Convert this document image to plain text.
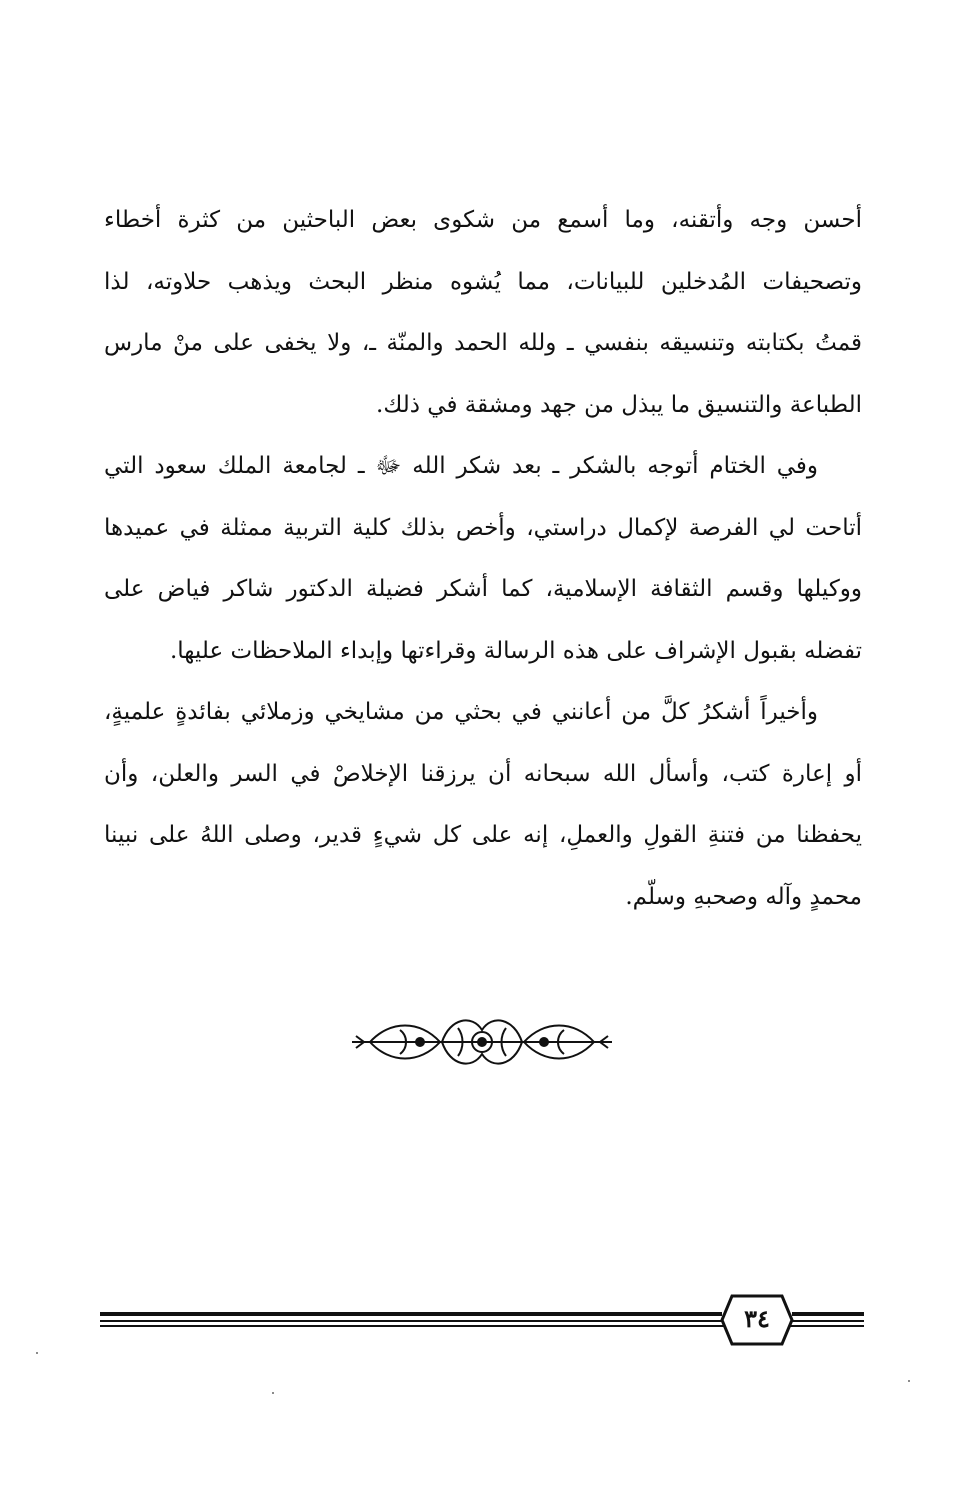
أحسن وجه وأتقنه، وما أسمع من شكوى بعض الباحثين من كثرة أخطاء
وتصحيفات المُدخلين للبيانات، مما يُشوه منظر البحث ويذهب حلاوته، لذا
قمتُ بكتابته وتنسيقه بنفسي ـ ولله الحمد والمنّة ـ، ولا يخفى على منْ مارس
الطباعة والتنسيق ما يبذل من جهد ومشقة في ذلك.
وفي الختام أتوجه بالشكر ـ بعد شكر الله ﷻ ـ لجامعة الملك سعود التي
أتاحت لي الفرصة لإكمال دراستي، وأخص بذلك كلية التربية ممثلة في عميدها
ووكيلها وقسم الثقافة الإسلامية، كما أشكر فضيلة الدكتور شاكر فياض على
تفضله بقبول الإشراف على هذه الرسالة وقراءتها وإبداء الملاحظات عليها.
وأخيراً أشكرُ كلَّ من أعانني في بحثي من مشايخي وزملائي بفائدةٍ علميةٍ،
أو إعارة كتب، وأسأل الله سبحانه أن يرزقنا الإخلاصْ في السر والعلن، وأن
يحفظنا من فتنةِ القولِ والعملِ، إنه على كل شيءٍ قدير، وصلى اللهُ على نبينا
محمدٍ وآله وصحبهِ وسلّم.
٣٤
